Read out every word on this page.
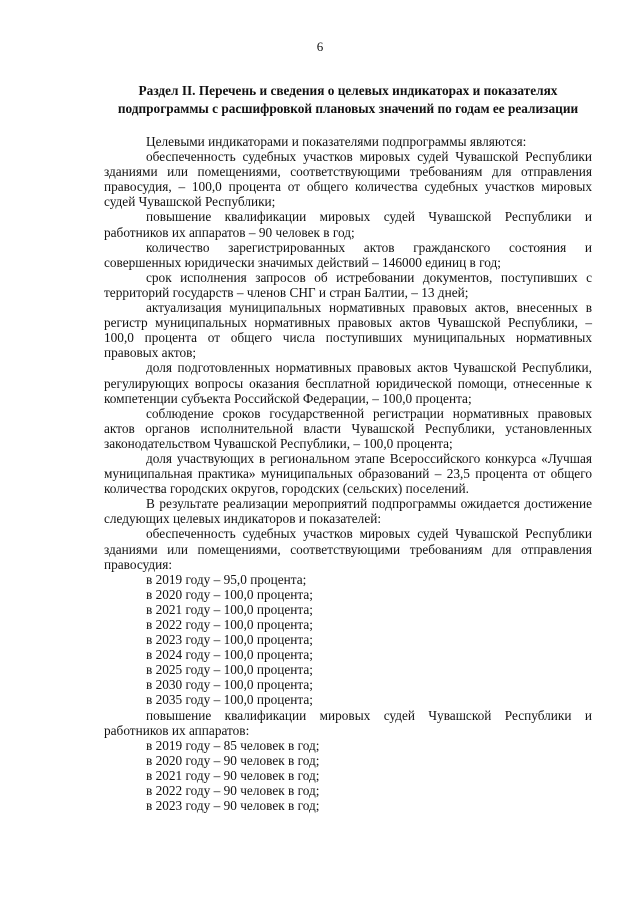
6
Раздел II. Перечень и сведения о целевых индикаторах и показателях
подпрограммы с расшифровкой плановых значений по годам ее реализации

Целевыми индикаторами и показателями подпрограммы являются:

обеспеченность судебных участков мировых судей Чувашской Республики зданиями или помещениями, соответствующими требованиям для отправления правосудия, – 100,0 процента от общего количества судебных участков мировых судей Чувашской Республики;

повышение квалификации мировых судей Чувашской Республики и работников их аппаратов – 90 человек в год;

количество зарегистрированных актов гражданского состояния и совершенных юридически значимых действий – 146000 единиц в год;

срок исполнения запросов об истребовании документов, поступивших с территорий государств – членов СНГ и стран Балтии, – 13 дней;

актуализация муниципальных нормативных правовых актов, внесенных в регистр муниципальных нормативных правовых актов Чувашской Республики, – 100,0 процента от общего числа поступивших муниципальных нормативных правовых актов;

доля подготовленных нормативных правовых актов Чувашской Республики, регулирующих вопросы оказания бесплатной юридической помощи, отнесенные к компетенции субъекта Российской Федерации, – 100,0 процента;

соблюдение сроков государственной регистрации нормативных правовых актов органов исполнительной власти Чувашской Республики, установленных законодательством Чувашской Республики, – 100,0 процента;

доля участвующих в региональном этапе Всероссийского конкурса «Лучшая муниципальная практика» муниципальных образований – 23,5 процента от общего количества городских округов, городских (сельских) поселений.

В результате реализации мероприятий подпрограммы ожидается достижение следующих целевых индикаторов и показателей:

обеспеченность судебных участков мировых судей Чувашской Республики зданиями или помещениями, соответствующими требованиям для отправления правосудия:

в 2019 году – 95,0 процента;

в 2020 году – 100,0 процента;

в 2021 году – 100,0 процента;

в 2022 году – 100,0 процента;

в 2023 году – 100,0 процента;

в 2024 году – 100,0 процента;

в 2025 году – 100,0 процента;

в 2030 году – 100,0 процента;

в 2035 году – 100,0 процента;

повышение квалификации мировых судей Чувашской Республики и работников их аппаратов:

в 2019 году – 85 человек в год;

в 2020 году – 90 человек в год;

в 2021 году – 90 человек в год;

в 2022 году – 90 человек в год;

в 2023 году – 90 человек в год;
